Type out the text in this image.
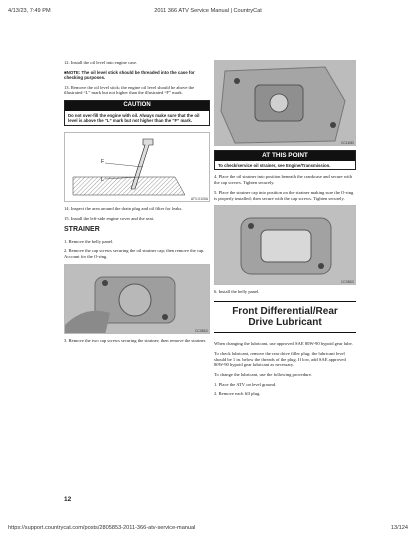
4/13/23, 7:49 PM	2011 366 ATV Service Manual | CountryCat

12. Install the oil level into engine case.

■NOTE: The oil level stick should be threaded into the case for checking purposes.

13. Remove the oil level stick; the engine oil level should be above the illustrated “L” mark but not higher than the illustrated “F” mark.

CAUTION
Do not over-fill the engine with oil. Always make sure that the oil level is above the “L” mark but not higher than the “F” mark.
F
L
ATV-0100A

14. Inspect the area around the drain plug and oil filter for leaks.

15. Install the left-side engine cover and the seat.

STRAINER

1. Remove the belly panel.

2. Remove the cap screws securing the oil strainer cap; then remove the cap. Account for the O-ring.

CC081D

3. Remove the two cap screws securing the strainer; then remove the strainer.

CC163D
AT THIS POINT
To check/service oil strainer, see Engine/Transmission.

4. Place the oil strainer into position beneath the crankcase and secure with the cap screws. Tighten securely.

5. Place the strainer cap into position on the strainer making sure the O-ring is properly installed; then secure with the cap screws. Tighten securely.

CC081D

6. Install the belly panel.

Front Differential/Rear
Drive Lubricant

When changing the lubricant, use approved SAE 80W-90 hypoid gear lube.

To check lubricant, remove the rear drive filler plug; the lubricant level should be 1 in. below the threads of the plug. If low, add SAE approved 80W-90 hypoid gear lubricant as necessary.

To change the lubricant, use the following procedure.

1. Place the ATV on level ground.

2. Remove each fill plug.

12
https://support.countrycat.com/posts/2805853-2011-366-atv-service-manual	13/124
